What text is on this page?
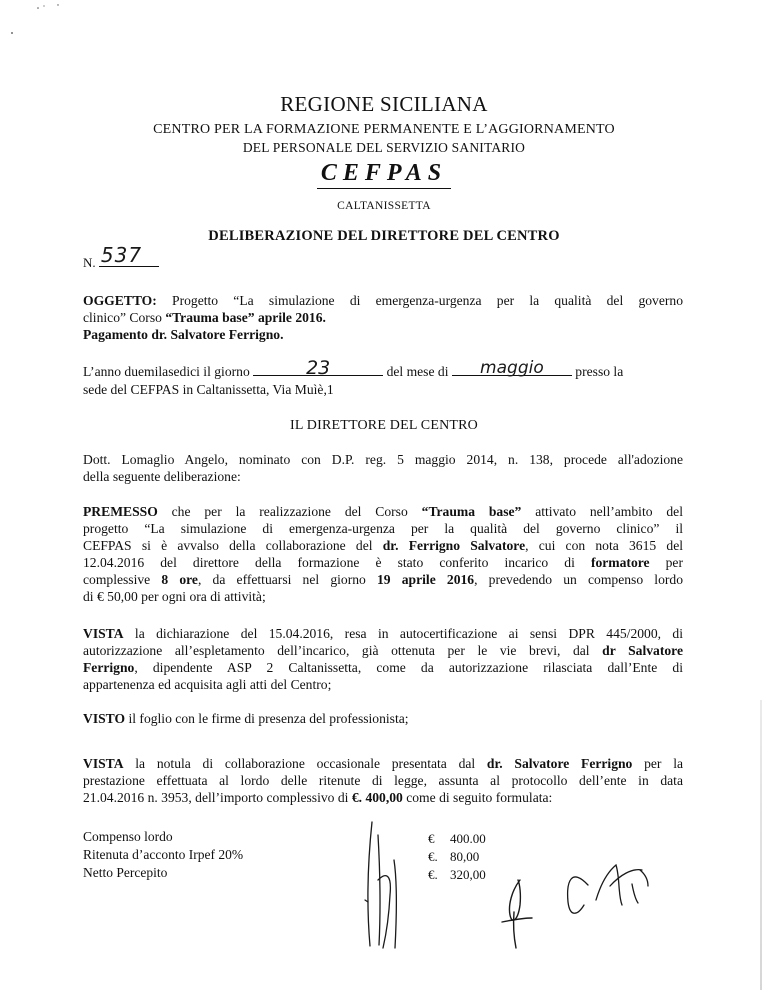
REGIONE SICILIANA
CENTRO PER LA FORMAZIONE PERMANENTE E L’AGGIORNAMENTO
DEL PERSONALE DEL SERVIZIO SANITARIO
CEFPAS
CALTANISSETTA
DELIBERAZIONE DEL DIRETTORE DEL CENTRO
N. 537
OGGETTO: Progetto “La simulazione di emergenza-urgenza per la qualità del governo
clinico” Corso “Trauma base” aprile 2016.
Pagamento dr. Salvatore Ferrigno.
L’anno duemilasedici il giorno	23	del mese di maggio presso la
sede del CEFPAS in Caltanissetta, Via Muìè,1
IL DIRETTORE DEL CENTRO
Dott. Lomaglio Angelo, nominato con D.P. reg. 5 maggio 2014, n. 138, procede all'adozione
della seguente deliberazione:
PREMESSO che per la realizzazione del Corso “Trauma base” attivato nell’ambito del
progetto “La simulazione di emergenza-urgenza per la qualità del governo clinico” il
CEFPAS si è avvalso della collaborazione del dr. Ferrigno Salvatore, cui con nota 3615 del
12.04.2016 del direttore della formazione è stato conferito incarico di formatore per
complessive 8 ore, da effettuarsi nel giorno 19 aprile 2016, prevedendo un compenso lordo
di € 50,00 per ogni ora di attività;
VISTA la dichiarazione del 15.04.2016, resa in autocertificazione ai sensi DPR 445/2000, di
autorizzazione all’espletamento dell’incarico, già ottenuta per le vie brevi, dal dr Salvatore
Ferrigno, dipendente ASP 2 Caltanissetta, come da autorizzazione rilasciata dall’Ente di
appartenenza ed acquisita agli atti del Centro;
VISTO il foglio con le firme di presenza del professionista;
VISTA la notula di collaborazione occasionale presentata dal dr. Salvatore Ferrigno per la
prestazione effettuata al lordo delle ritenute di legge, assunta al protocollo dell’ente in data
21.04.2016 n. 3953, dell’importo complessivo di €. 400,00 come di seguito formulata:
Compenso lordo
Ritenuta d’acconto Irpef 20%
Netto Percepito
€ 400.00
€. 80,00
€. 320,00
